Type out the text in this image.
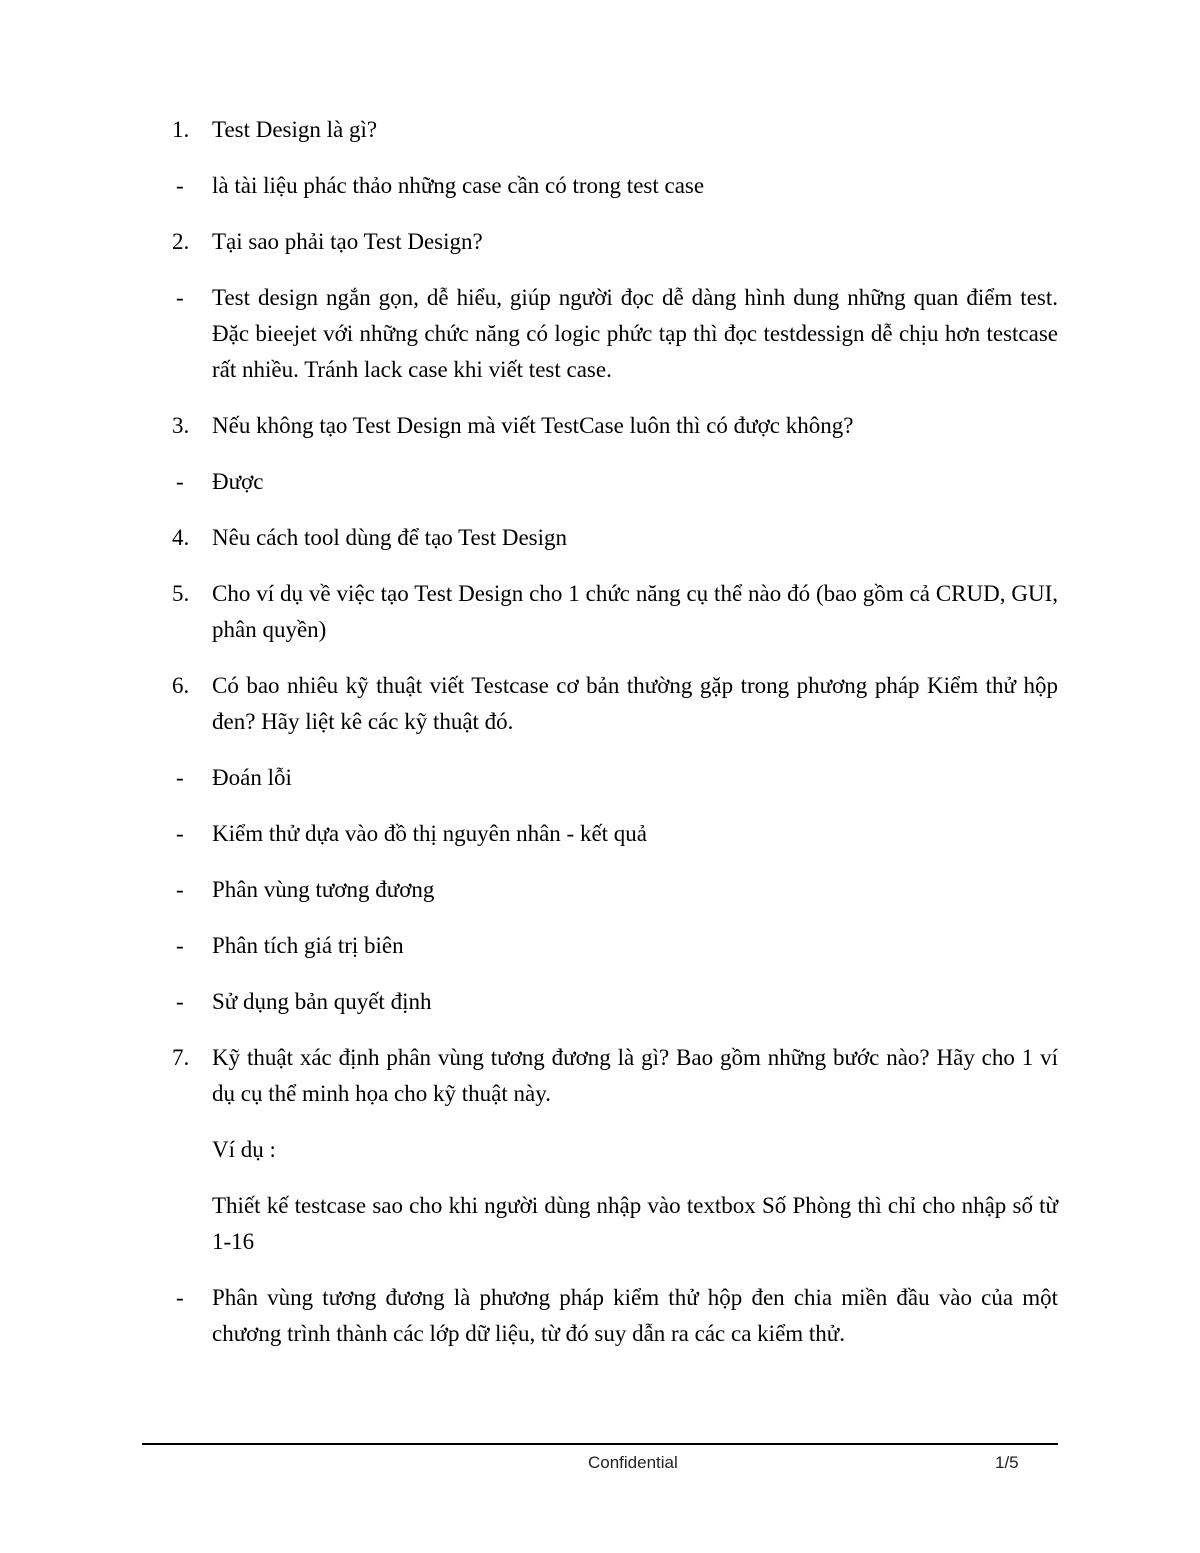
1. Test Design là gì?
-	là tài liệu phác thảo những case cần có trong test case
2. Tại sao phải tạo Test Design?
-	Test design ngắn gọn, dễ hiểu, giúp người đọc dễ dàng hình dung những quan điểm test. Đặc bieejet với những chức năng có logic phức tạp thì đọc testdessign dễ chịu hơn testcase rất nhiều. Tránh lack case khi viết test case.
3. Nếu không tạo Test Design mà viết TestCase luôn thì có được không?
-	Được
4. Nêu cách tool dùng để tạo Test Design
5. Cho ví dụ về việc tạo Test Design cho 1 chức năng cụ thể nào đó (bao gồm cả CRUD, GUI, phân quyền)
6. Có bao nhiêu kỹ thuật viết Testcase cơ bản thường gặp trong phương pháp Kiểm thử hộp đen? Hãy liệt kê các kỹ thuật đó.
-	Đoán lỗi
-	Kiểm thử dựa vào đồ thị nguyên nhân - kết quả
-	Phân vùng tương đương
-	Phân tích giá trị biên
-	Sử dụng bản quyết định
7. Kỹ thuật xác định phân vùng tương đương là gì? Bao gồm những bước nào? Hãy cho 1 ví dụ cụ thể minh họa cho kỹ thuật này.
Ví dụ :
Thiết kế testcase sao cho khi người dùng nhập vào textbox Số Phòng thì chỉ cho nhập số từ 1-16
-	Phân vùng tương đương là phương pháp kiểm thử hộp đen chia miền đầu vào của một chương trình thành các lớp dữ liệu, từ đó suy dẫn ra các ca kiểm thử.
Confidential	1/5
